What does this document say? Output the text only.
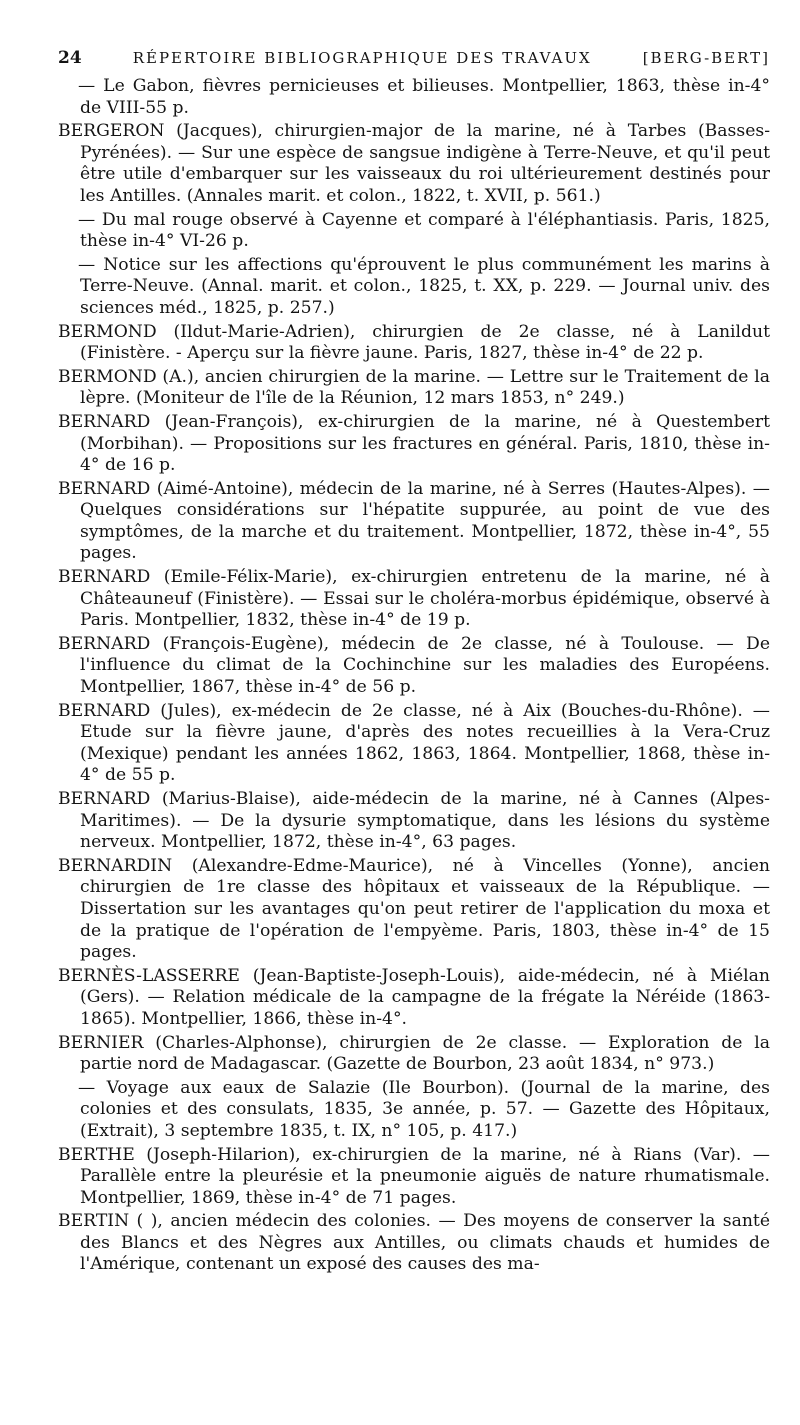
24	RÉPERTOIRE BIBLIOGRAPHIQUE DES TRAVAUX	[BERG-BERT]

— Le Gabon, fièvres pernicieuses et bilieuses. Montpellier, 1863, thèse in-4° de VIII-55 p.

BERGERON (Jacques), chirurgien-major de la marine, né à Tarbes (Basses-Pyrénées). — Sur une espèce de sangsue indigène à Terre-Neuve, et qu'il peut être utile d'embarquer sur les vaisseaux du roi ultérieurement destinés pour les Antilles. (Annales marit. et colon., 1822, t. XVII, p. 561.)

— Du mal rouge observé à Cayenne et comparé à l'éléphantiasis. Paris, 1825, thèse in-4° VI-26 p.

— Notice sur les affections qu'éprouvent le plus communément les marins à Terre-Neuve. (Annal. marit. et colon., 1825, t. XX, p. 229. — Journal univ. des sciences méd., 1825, p. 257.)

BERMOND (Ildut-Marie-Adrien), chirurgien de 2e classe, né à Lanildut (Finistère. - Aperçu sur la fièvre jaune. Paris, 1827, thèse in-4° de 22 p.

BERMOND (A.), ancien chirurgien de la marine. — Lettre sur le Traitement de la lèpre. (Moniteur de l'île de la Réunion, 12 mars 1853, n° 249.)

BERNARD (Jean-François), ex-chirurgien de la marine, né à Questembert (Morbihan). — Propositions sur les fractures en général. Paris, 1810, thèse in-4° de 16 p.

BERNARD (Aimé-Antoine), médecin de la marine, né à Serres (Hautes-Alpes). — Quelques considérations sur l'hépatite suppurée, au point de vue des symptômes, de la marche et du traitement. Montpellier, 1872, thèse in-4°, 55 pages.

BERNARD (Emile-Félix-Marie), ex-chirurgien entretenu de la marine, né à Châteauneuf (Finistère). — Essai sur le choléra-morbus épidémique, observé à Paris. Montpellier, 1832, thèse in-4° de 19 p.

BERNARD (François-Eugène), médecin de 2e classe, né à Toulouse. — De l'influence du climat de la Cochinchine sur les maladies des Européens. Montpellier, 1867, thèse in-4° de 56 p.

BERNARD (Jules), ex-médecin de 2e classe, né à Aix (Bouches-du-Rhône). — Etude sur la fièvre jaune, d'après des notes recueillies à la Vera-Cruz (Mexique) pendant les années 1862, 1863, 1864. Montpellier, 1868, thèse in-4° de 55 p.

BERNARD (Marius-Blaise), aide-médecin de la marine, né à Cannes (Alpes-Maritimes). — De la dysurie symptomatique, dans les lésions du système nerveux. Montpellier, 1872, thèse in-4°, 63 pages.

BERNARDIN (Alexandre-Edme-Maurice), né à Vincelles (Yonne), ancien chirurgien de 1re classe des hôpitaux et vaisseaux de la République. — Dissertation sur les avantages qu'on peut retirer de l'application du moxa et de la pratique de l'opération de l'empyème. Paris, 1803, thèse in-4° de 15 pages.

BERNÈS-LASSERRE (Jean-Baptiste-Joseph-Louis), aide-médecin, né à Miélan (Gers). — Relation médicale de la campagne de la frégate la Néréide (1863-1865). Montpellier, 1866, thèse in-4°.

BERNIER (Charles-Alphonse), chirurgien de 2e classe. — Exploration de la partie nord de Madagascar. (Gazette de Bourbon, 23 août 1834, n° 973.)

— Voyage aux eaux de Salazie (Ile Bourbon). (Journal de la marine, des colonies et des consulats, 1835, 3e année, p. 57. — Gazette des Hôpitaux, (Extrait), 3 septembre 1835, t. IX, n° 105, p. 417.)

BERTHE (Joseph-Hilarion), ex-chirurgien de la marine, né à Rians (Var). — Parallèle entre la pleurésie et la pneumonie aiguës de nature rhumatismale. Montpellier, 1869, thèse in-4° de 71 pages.

BERTIN ( ), ancien médecin des colonies. — Des moyens de conserver la santé des Blancs et des Nègres aux Antilles, ou climats chauds et humides de l'Amérique, contenant un exposé des causes des ma-
